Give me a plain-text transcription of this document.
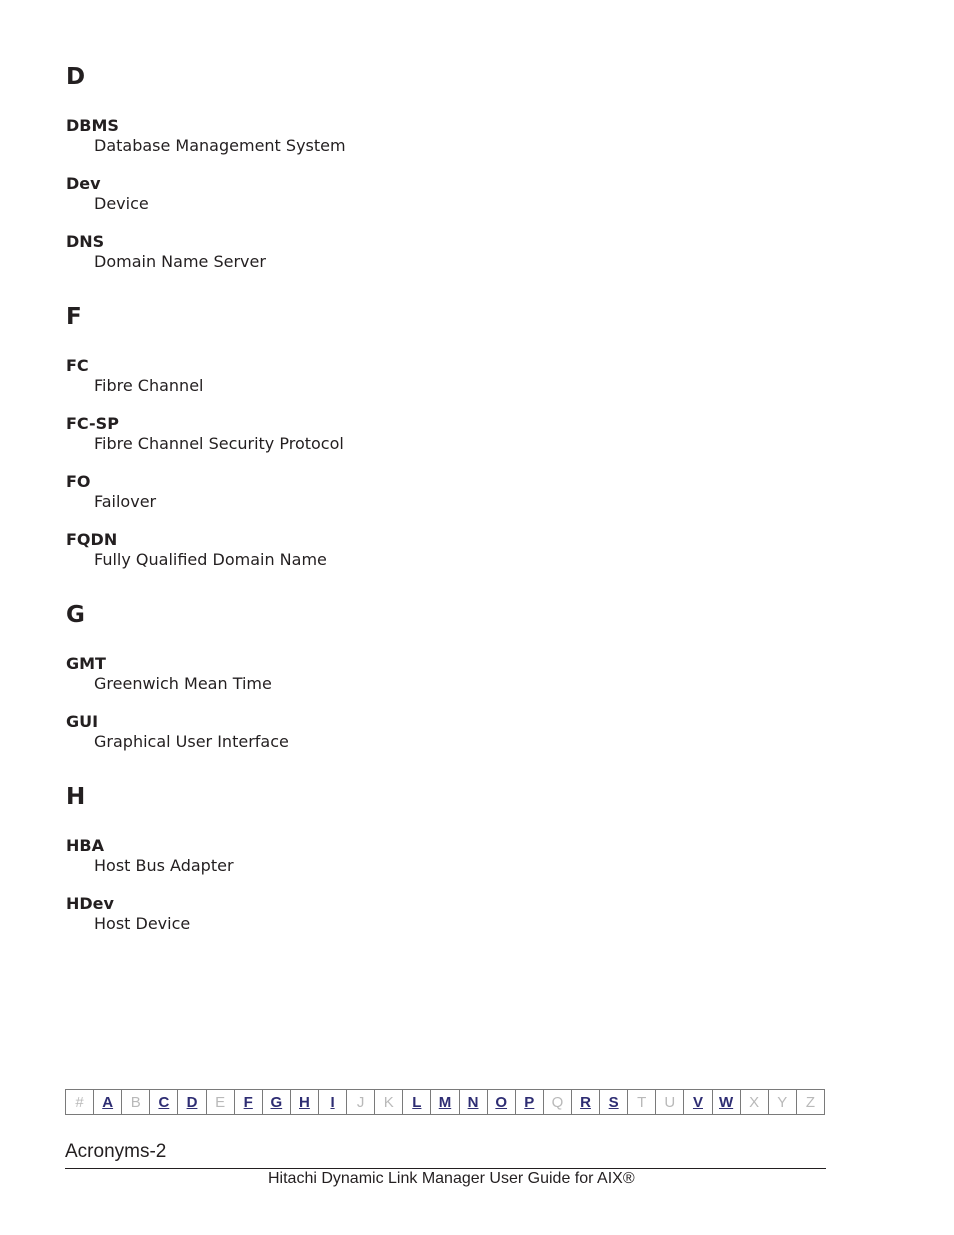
D
DBMS
Database Management System
Dev
Device
DNS
Domain Name Server
F
FC
Fibre Channel
FC-SP
Fibre Channel Security Protocol
FO
Failover
FQDN
Fully Qualified Domain Name
G
GMT
Greenwich Mean Time
GUI
Graphical User Interface
H
HBA
Host Bus Adapter
HDev
Host Device
#	A	B	C	D	E	F	G	H	I	J	K	L	M	N	O	P	Q	R	S	T	U	V	W	X	Y	Z
Acronyms-2
Hitachi Dynamic Link Manager User Guide for AIX®
